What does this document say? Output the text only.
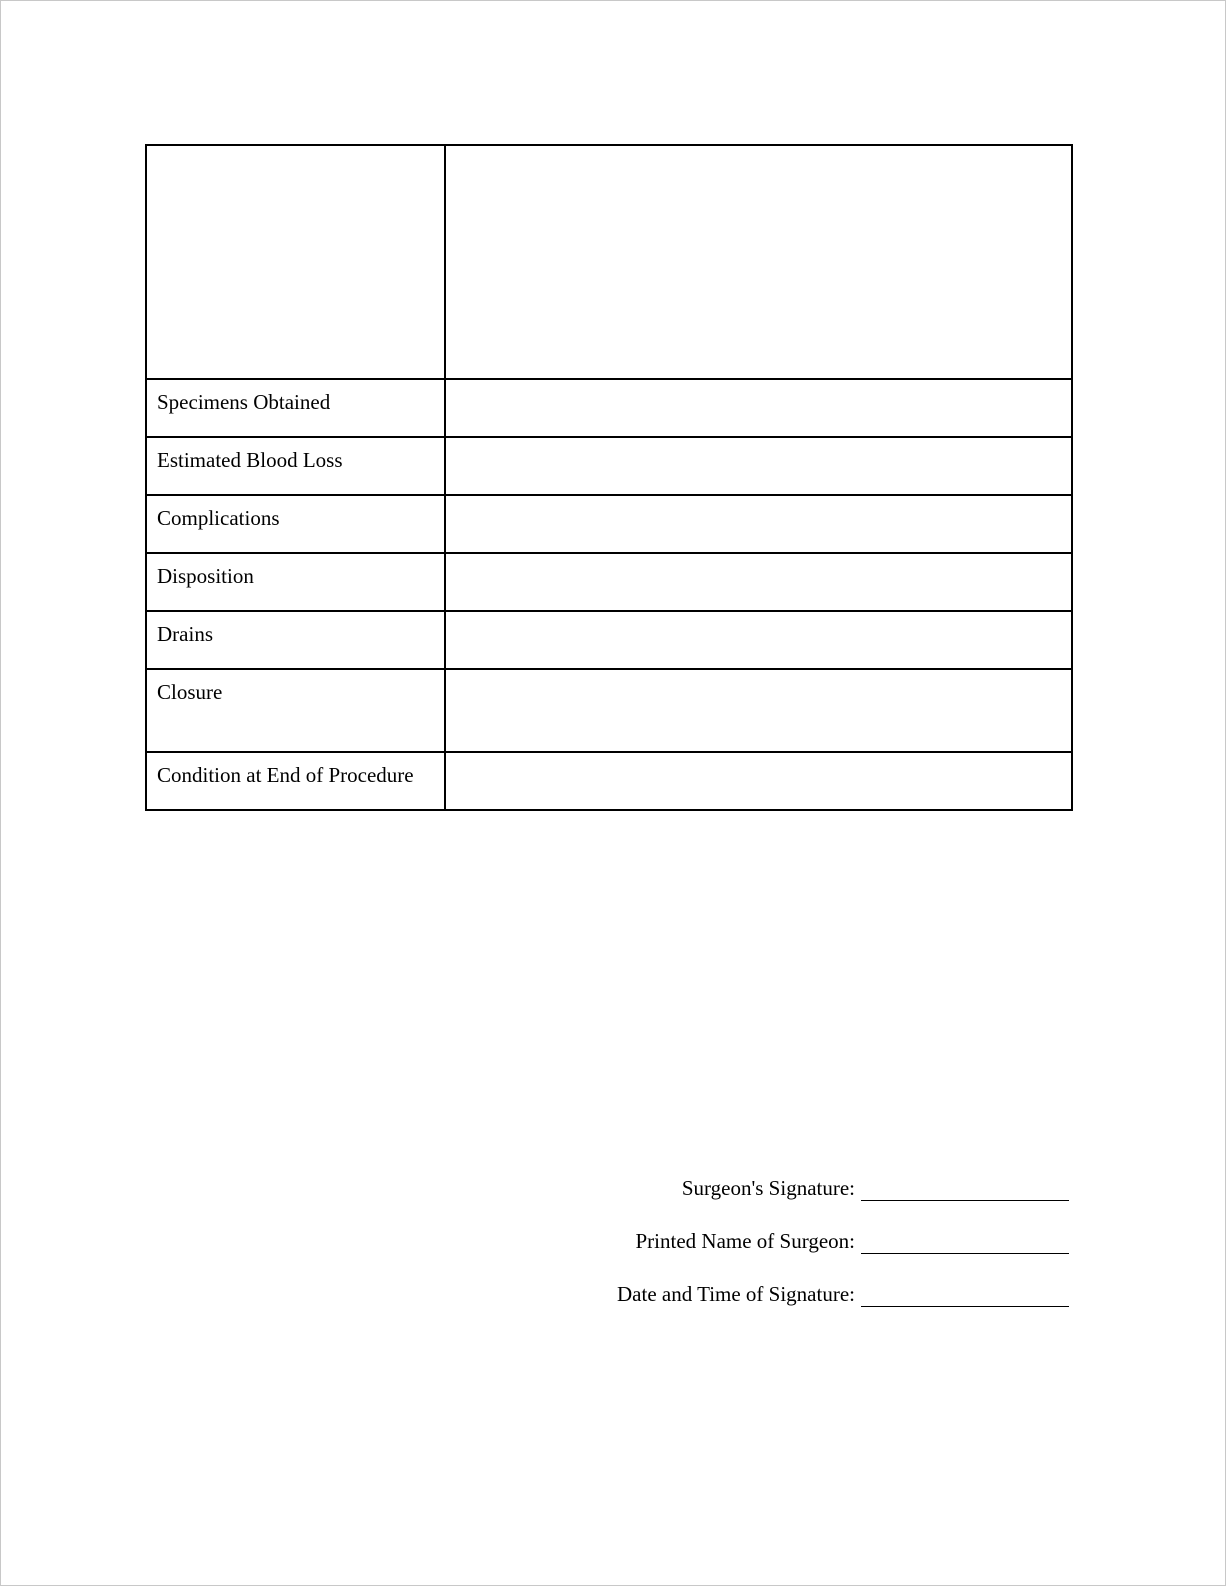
Specimens Obtained	
Estimated Blood Loss	
Complications	
Disposition	
Drains	
Closure	
Condition at End of Procedure	
Surgeon's Signature:
Printed Name of Surgeon:
Date and Time of Signature:
